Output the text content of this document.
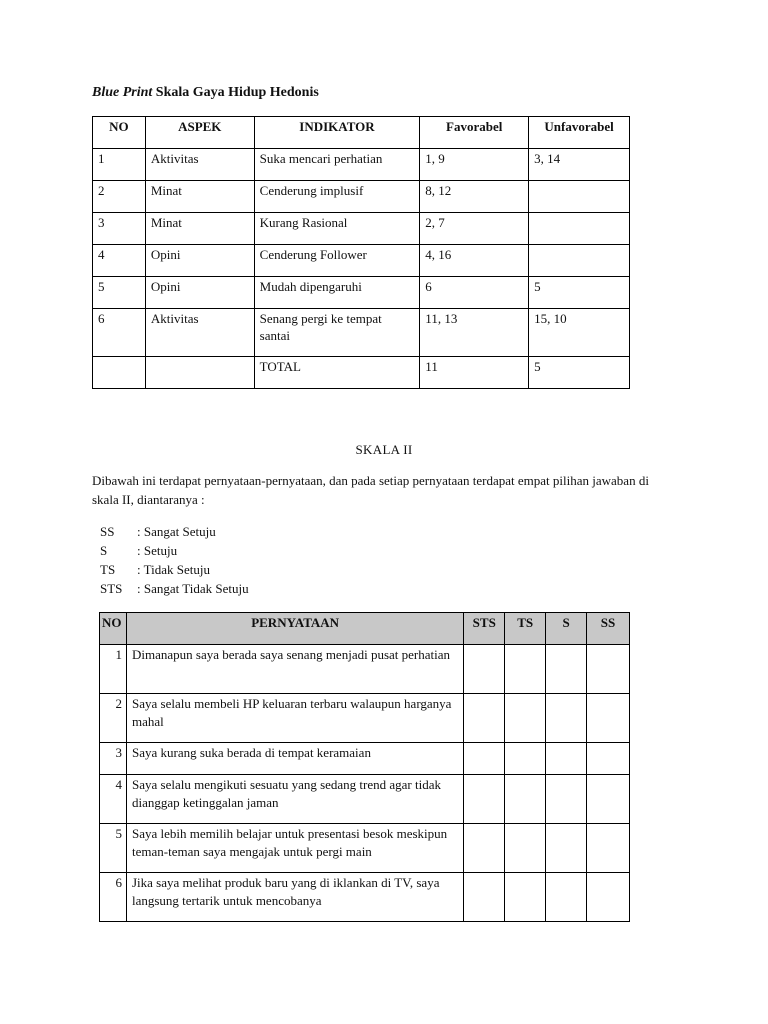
Blue Print Skala Gaya Hidup Hedonis
NO	ASPEK	INDIKATOR	Favorabel	Unfavorabel
1	Aktivitas	Suka mencari perhatian	1, 9	3, 14
2	Minat	Cenderung implusif	8, 12	
3	Minat	Kurang Rasional	2, 7	
4	Opini	Cenderung Follower	4, 16	
5	Opini	Mudah dipengaruhi	6	5
6	Aktivitas	Senang pergi ke tempat santai	11, 13	15, 10
		TOTAL	11	5
SKALA II
Dibawah ini terdapat pernyataan-pernyataan, dan pada setiap pernyataan terdapat empat pilihan jawaban di skala II, diantaranya :
SS	: Sangat Setuju
S	: Setuju
TS	: Tidak Setuju
STS	: Sangat Tidak Setuju
NO	PERNYATAAN	STS	TS	S	SS
1	Dimanapun saya berada saya senang menjadi pusat perhatian				
2	Saya selalu membeli HP keluaran terbaru walaupun harganya mahal				
3	Saya kurang suka berada di tempat keramaian				
4	Saya selalu mengikuti sesuatu yang sedang trend agar tidak dianggap ketinggalan jaman				
5	Saya lebih memilih belajar untuk presentasi besok meskipun teman-teman saya mengajak untuk pergi main				
6	Jika saya melihat produk baru yang di iklankan di TV, saya langsung tertarik untuk mencobanya				
